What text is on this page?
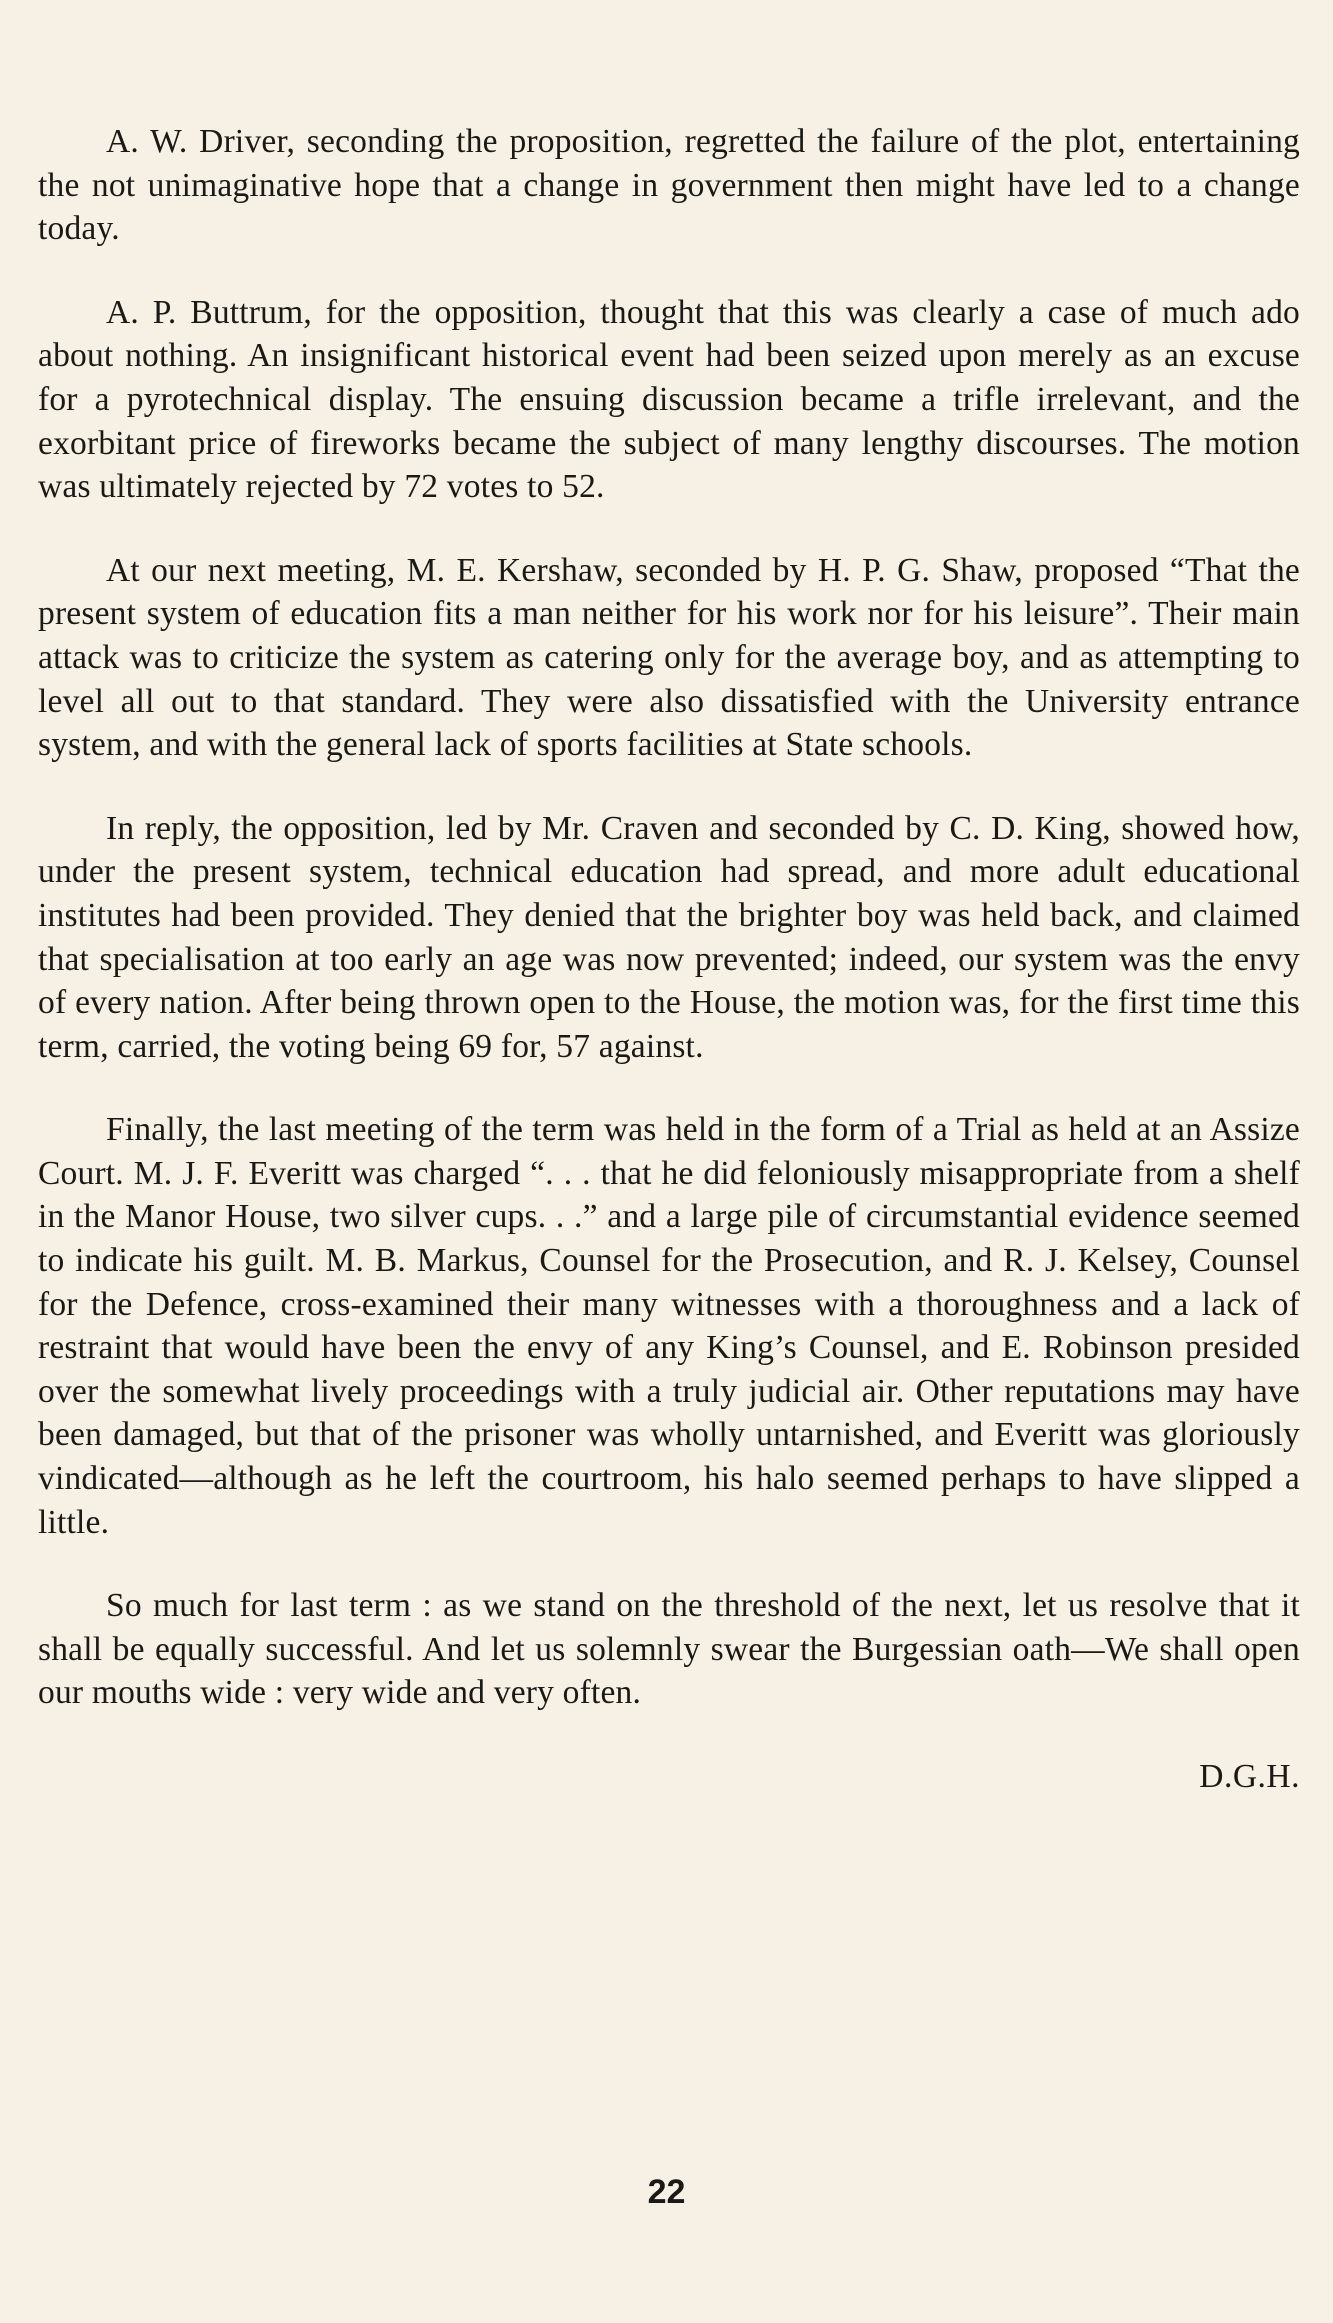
A. W. Driver, seconding the proposition, regretted the failure of the plot, entertaining the not unimaginative hope that a change in government then might have led to a change today.

A. P. Buttrum, for the opposition, thought that this was clearly a case of much ado about nothing. An insignificant historical event had been seized upon merely as an excuse for a pyrotechnical display. The ensuing discussion became a trifle irrelevant, and the exorbitant price of fireworks became the subject of many lengthy discourses. The motion was ultimately rejected by 72 votes to 52.

At our next meeting, M. E. Kershaw, seconded by H. P. G. Shaw, proposed “That the present system of education fits a man neither for his work nor for his leisure”. Their main attack was to criticize the system as catering only for the average boy, and as attempting to level all out to that standard. They were also dissatisfied with the University entrance system, and with the general lack of sports facilities at State schools.

In reply, the opposition, led by Mr. Craven and seconded by C. D. King, showed how, under the present system, technical education had spread, and more adult educational institutes had been provided. They denied that the brighter boy was held back, and claimed that specialisation at too early an age was now prevented; indeed, our system was the envy of every nation. After being thrown open to the House, the motion was, for the first time this term, carried, the voting being 69 for, 57 against.

Finally, the last meeting of the term was held in the form of a Trial as held at an Assize Court. M. J. F. Everitt was charged “. . . that he did feloniously misappropriate from a shelf in the Manor House, two silver cups. . .” and a large pile of circumstantial evidence seemed to indicate his guilt. M. B. Markus, Counsel for the Prosecution, and R. J. Kelsey, Counsel for the Defence, cross-examined their many witnesses with a thoroughness and a lack of restraint that would have been the envy of any King’s Counsel, and E. Robinson presided over the somewhat lively proceedings with a truly judicial air. Other reputations may have been damaged, but that of the prisoner was wholly untarnished, and Everitt was gloriously vindicated—although as he left the courtroom, his halo seemed perhaps to have slipped a little.

So much for last term : as we stand on the threshold of the next, let us resolve that it shall be equally successful. And let us solemnly swear the Burgessian oath—We shall open our mouths wide : very wide and very often.

D.G.H.

22
